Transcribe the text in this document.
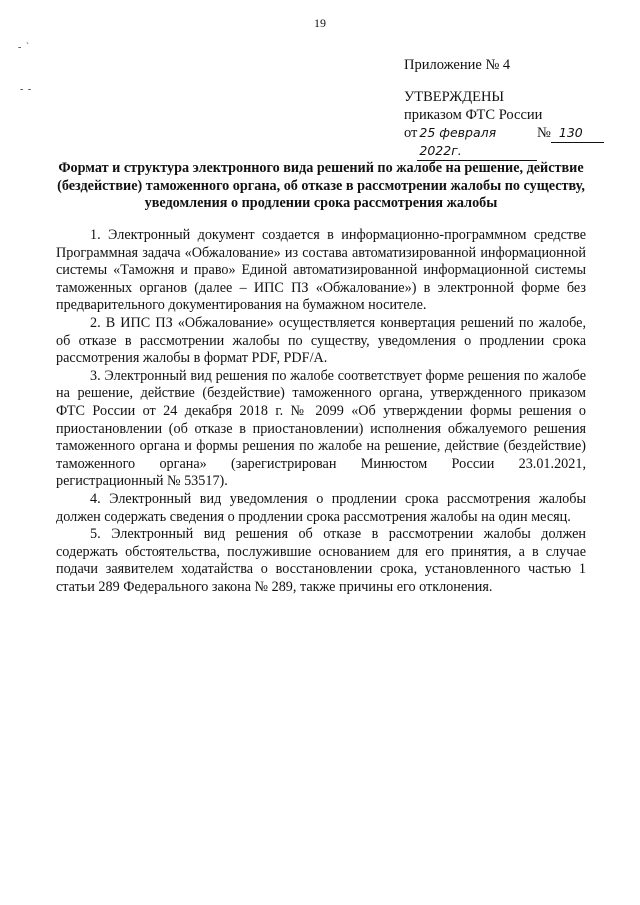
19
- `
- -
Приложение № 4
УТВЕРЖДЕНЫ
приказом ФТС России
от 25 февраля 2022г.
№ 130
Формат и структура электронного вида решений по жалобе на решение, действие (бездействие) таможенного органа, об отказе в рассмотрении жалобы по существу, уведомления о продлении срока рассмотрения жалобы

1. Электронный документ создается в информационно-программном средстве Программная задача «Обжалование» из состава автоматизированной информационной системы «Таможня и право» Единой автоматизированной информационной системы таможенных органов (далее – ИПС ПЗ «Обжалование») в электронной форме без предварительного документирования на бумажном носителе.

2. В ИПС ПЗ «Обжалование» осуществляется конвертация решений по жалобе, об отказе в рассмотрении жалобы по существу, уведомления о продлении срока рассмотрения жалобы в формат PDF, PDF/A.

3. Электронный вид решения по жалобе соответствует форме решения по жалобе на решение, действие (бездействие) таможенного органа, утвержденного приказом ФТС России от 24 декабря 2018 г. № 2099 «Об утверждении формы решения о приостановлении (об отказе в приостановлении) исполнения обжалуемого решения таможенного органа и формы решения по жалобе на решение, действие (бездействие) таможенного органа» (зарегистрирован Минюстом России 23.01.2021, регистрационный № 53517).

4. Электронный вид уведомления о продлении срока рассмотрения жалобы должен содержать сведения о продлении срока рассмотрения жалобы на один месяц.

5. Электронный вид решения об отказе в рассмотрении жалобы должен содержать обстоятельства, послужившие основанием для его принятия, а в случае подачи заявителем ходатайства о восстановлении срока, установленного частью 1 статьи 289 Федерального закона № 289, также причины его отклонения.
